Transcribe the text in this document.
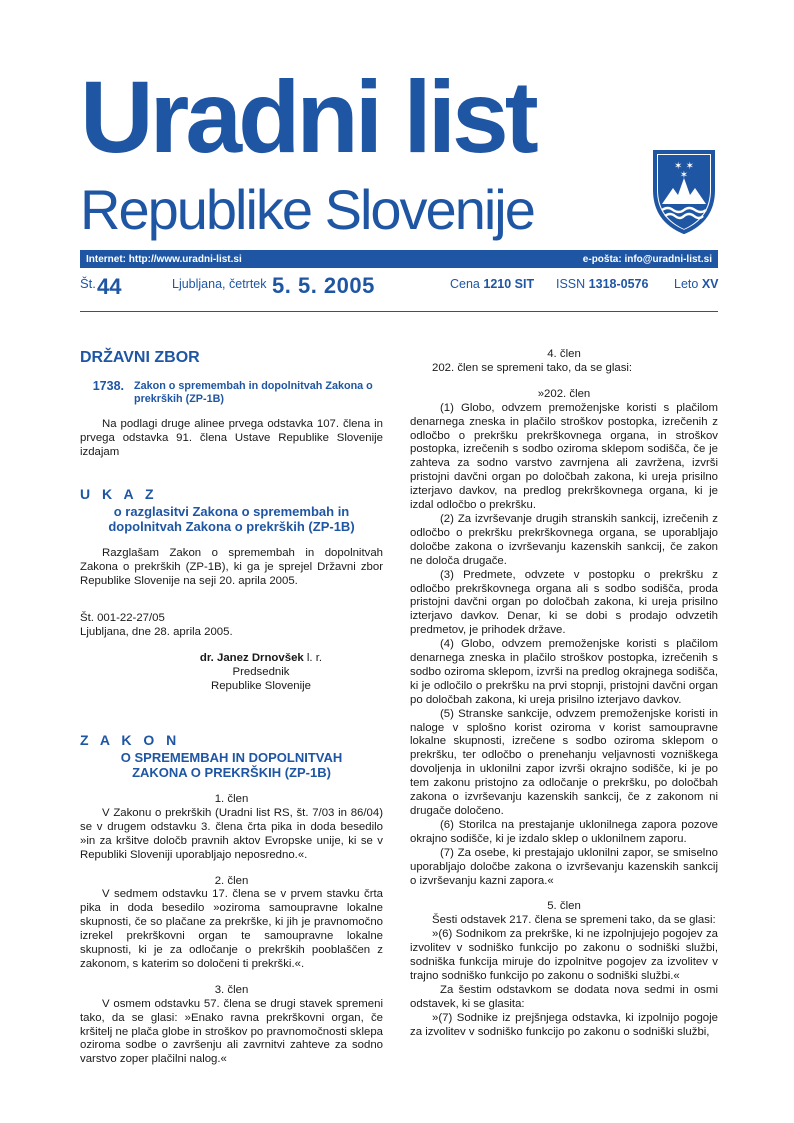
Uradni list
Republike Slovenije
✶ ✶
✶
Internet: http://www.uradni-list.si	e-pošta: info@uradni-list.si
Št. 44	Ljubljana, četrtek 5. 5. 2005	Cena 1210 SIT ISSN 1318-0576 Leto XV

DRŽAVNI ZBOR

1738. Zakon o spremembah in dopolnitvah Zakona o prekrških (ZP-1B)

Na podlagi druge alinee prvega odstavka 107. člena in prvega odstavka 91. člena Ustave Republike Slovenije izdajam

U K A Z

o razglasitvi Zakona o spremembah in dopolnitvah Zakona o prekrških (ZP-1B)

Razglašam Zakon o spremembah in dopolnitvah Zakona o prekrških (ZP-1B), ki ga je sprejel Državni zbor Republike Slovenije na seji 20. aprila 2005.

Št. 001-22-27/05

Ljubljana, dne 28. aprila 2005.

dr. Janez Drnovšek l. r.
Predsednik
Republike Slovenije

Z A K O N

O SPREMEMBAH IN DOPOLNITVAH ZAKONA O PREKRŠKIH (ZP-1B)

1. člen

V Zakonu o prekrških (Uradni list RS, št. 7/03 in 86/04) se v drugem odstavku 3. člena črta pika in doda besedilo »in za kršitve določb pravnih aktov Evropske unije, ki se v Republiki Sloveniji uporabljajo neposredno.«.

2. člen

V sedmem odstavku 17. člena se v prvem stavku črta pika in doda besedilo »oziroma samoupravne lokalne skupnosti, če so plačane za prekrške, ki jih je pravnomočno izrekel prekrškovni organ te samoupravne lokalne skupnosti, ki je za odločanje o prekrških pooblaščen z zakonom, s katerim so določeni ti prekrški.«.

3. člen

V osmem odstavku 57. člena se drugi stavek spremeni tako, da se glasi: »Enako ravna prekrškovni organ, če kršitelj ne plača globe in stroškov po pravnomočnosti sklepa oziroma sodbe o završenju ali zavrnitvi zahteve za sodno varstvo zoper plačilni nalog.«

4. člen

202. člen se spremeni tako, da se glasi:

»202. člen

(1) Globo, odvzem premoženjske koristi s plačilom denarnega zneska in plačilo stroškov postopka, izrečenih z odločbo o prekršku prekrškovnega organa, in stroškov postopka, izrečenih s sodbo oziroma sklepom sodišča, če je zahteva za sodno varstvo zavrnjena ali zavržena, izvrši pristojni davčni organ po določbah zakona, ki ureja prisilno izterjavo davkov, na predlog prekrškovnega organa, ki je izdal odločbo o prekršku.

(2) Za izvrševanje drugih stranskih sankcij, izrečenih z odločbo o prekršku prekrškovnega organa, se uporabljajo določbe zakona o izvrševanju kazenskih sankcij, če zakon ne določa drugače.

(3) Predmete, odvzete v postopku o prekršku z odločbo prekrškovnega organa ali s sodbo sodišča, proda pristojni davčni organ po določbah zakona, ki ureja prisilno izterjavo davkov. Denar, ki se dobi s prodajo odvzetih predmetov, je prihodek države.

(4) Globo, odvzem premoženjske koristi s plačilom denarnega zneska in plačilo stroškov postopka, izrečenih s sodbo oziroma sklepom, izvrši na predlog okrajnega sodišča, ki je odločilo o prekršku na prvi stopnji, pristojni davčni organ po določbah zakona, ki ureja prisilno izterjavo davkov.

(5) Stranske sankcije, odvzem premoženjske koristi in naloge v splošno korist oziroma v korist samoupravne lokalne skupnosti, izrečene s sodbo oziroma sklepom o prekršku, ter odločbo o prenehanju veljavnosti vozniškega dovoljenja in uklonilni zapor izvrši okrajno sodišče, ki je po tem zakonu pristojno za odločanje o prekršku, po določbah zakona o izvrševanju kazenskih sankcij, če z zakonom ni drugače določeno.

(6) Storilca na prestajanje uklonilnega zapora pozove okrajno sodišče, ki je izdalo sklep o uklonilnem zaporu.

(7) Za osebe, ki prestajajo uklonilni zapor, se smiselno uporabljajo določbe zakona o izvrševanju kazenskih sankcij o izvrševanju kazni zapora.«

5. člen

Šesti odstavek 217. člena se spremeni tako, da se glasi:

»(6) Sodnikom za prekrške, ki ne izpolnjujejo pogojev za izvolitev v sodniško funkcijo po zakonu o sodniški službi, sodniška funkcija miruje do izpolnitve pogojev za izvolitev v trajno sodniško funkcijo po zakonu o sodniški službi.«

Za šestim odstavkom se dodata nova sedmi in osmi odstavek, ki se glasita:

»(7) Sodnike iz prejšnjega odstavka, ki izpolnijo pogoje za izvolitev v sodniško funkcijo po zakonu o sodniški službi,
